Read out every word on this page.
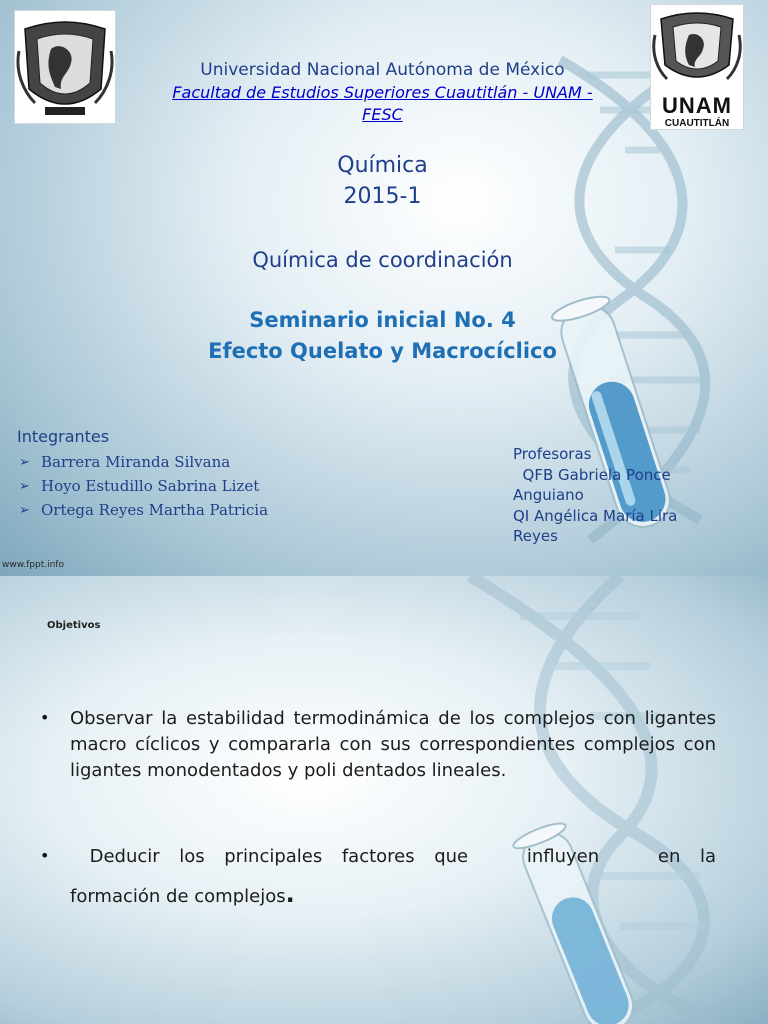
UNAM
CUAUTITLÁN
Universidad Nacional Autónoma de México
Facultad de Estudios Superiores Cuautitlán - UNAM -
FESC
Química
2015-1
Química de coordinación
Seminario inicial No. 4
Efecto Quelato y Macrocíclico
Integrantes
➢ Barrera Miranda Silvana
➢ Hoyo Estudillo Sabrina Lizet
➢ Ortega Reyes Martha Patricia
Profesoras
QFB Gabriela Ponce
Anguiano
QI Angélica María Lira
Reyes
www.fppt.info
Objetivos
• Observar la estabilidad termodinámica de los complejos con ligantes macro cíclicos y compararla con sus correspondientes complejos con ligantes monodentados y poli dentados lineales.
• Deducir los principales factores que   influyen   en la
formación de complejos.
